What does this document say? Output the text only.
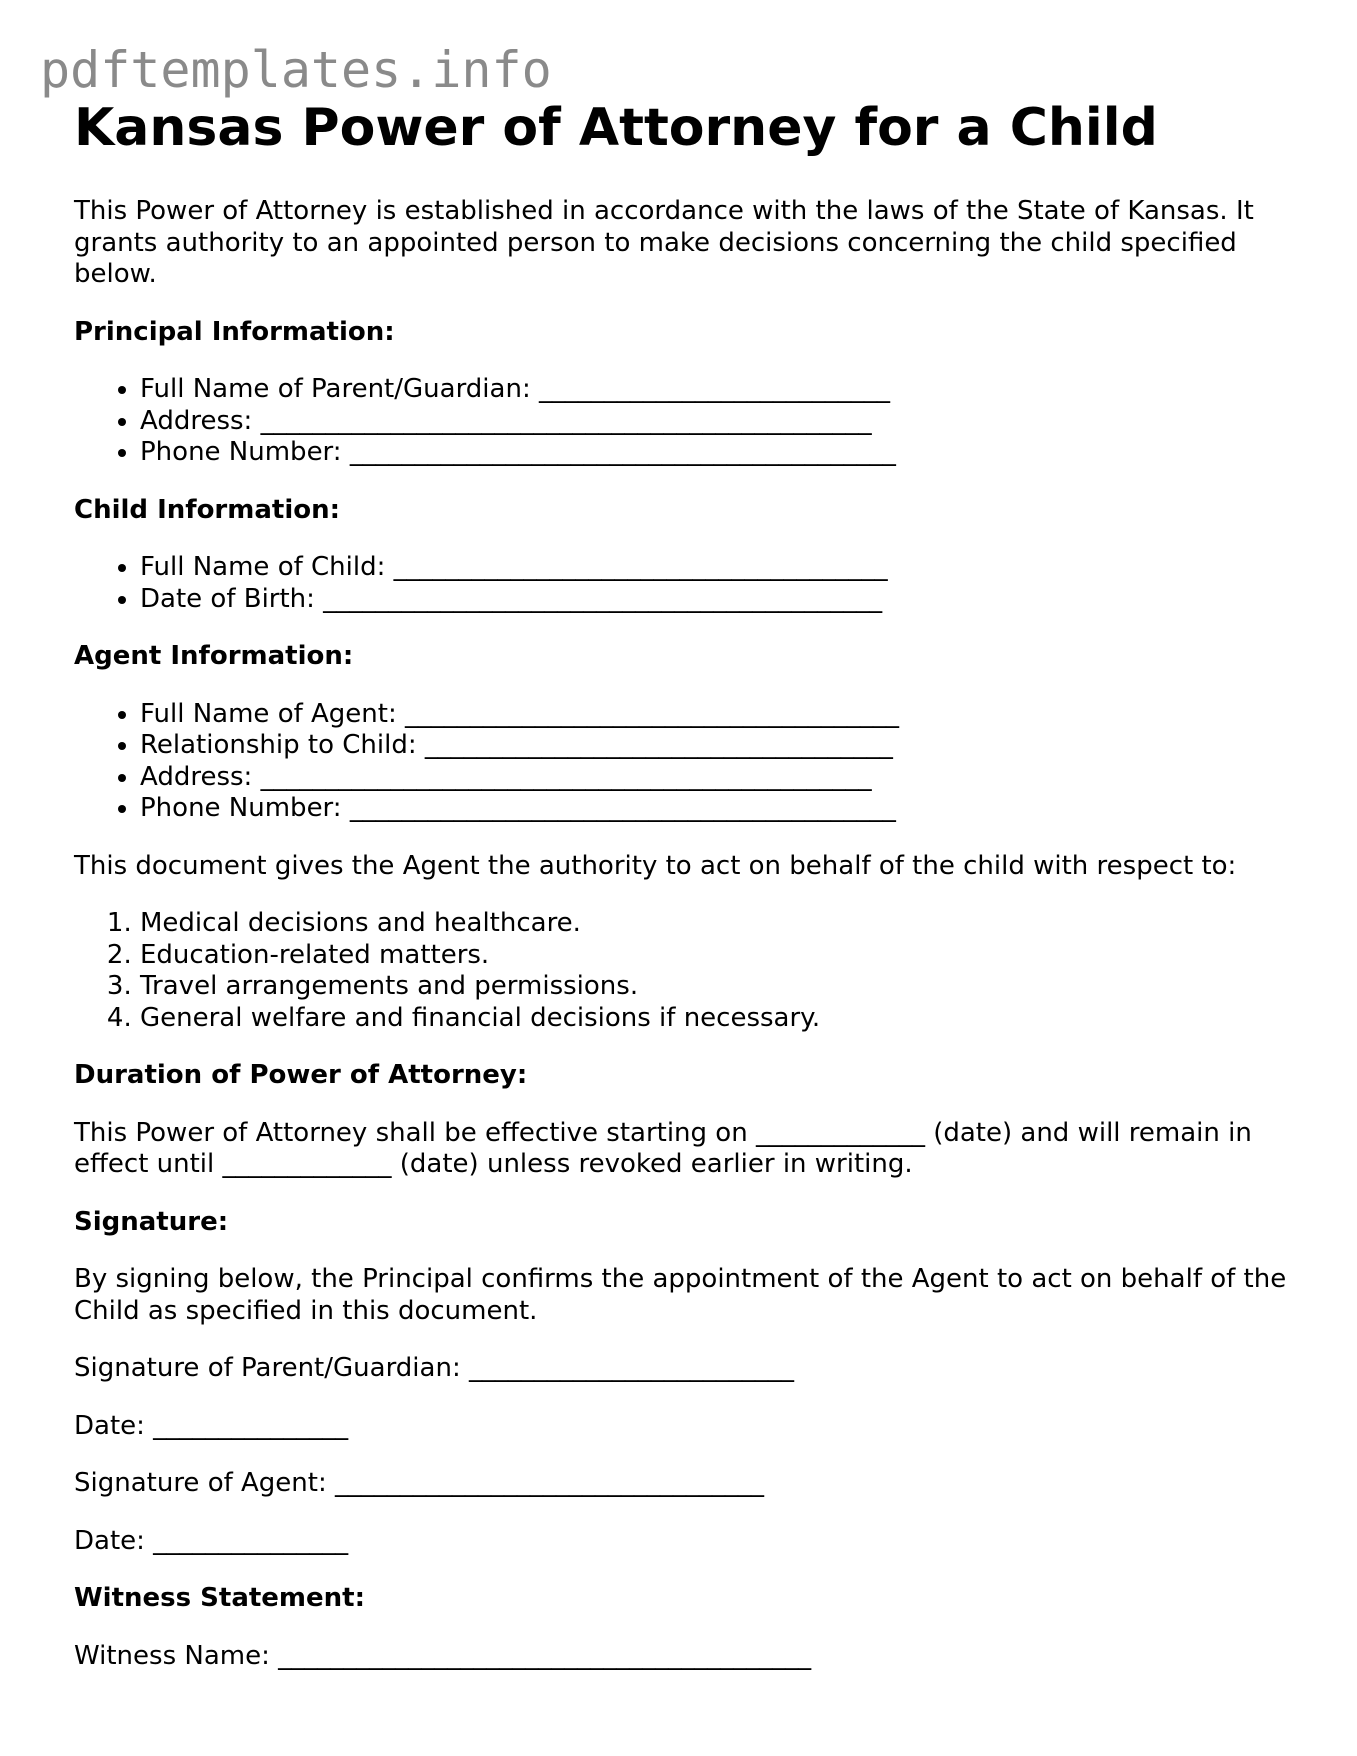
pdftemplates.info
Kansas Power of Attorney for a Child

This Power of Attorney is established in accordance with the laws of the State of Kansas. It grants authority to an appointed person to make decisions concerning the child specified below.

Principal Information:
• Full Name of Parent/Guardian: ___________________________
• Address: _______________________________________________
• Phone Number: __________________________________________
Child Information:
• Full Name of Child: ______________________________________
• Date of Birth: ___________________________________________
Agent Information:
• Full Name of Agent: ______________________________________
• Relationship to Child: ____________________________________
• Address: _______________________________________________
• Phone Number: __________________________________________

This document gives the Agent the authority to act on behalf of the child with respect to:

1. Medical decisions and healthcare.
2. Education-related matters.
3. Travel arrangements and permissions.
4. General welfare and financial decisions if necessary.
Duration of Power of Attorney:

This Power of Attorney shall be effective starting on _____________ (date) and will remain in effect until _____________ (date) unless revoked earlier in writing.

Signature:

By signing below, the Principal confirms the appointment of the Agent to act on behalf of the Child as specified in this document.

Signature of Parent/Guardian: _________________________

Date: _______________

Signature of Agent: _________________________________

Date: _______________

Witness Statement:

Witness Name: _________________________________________
